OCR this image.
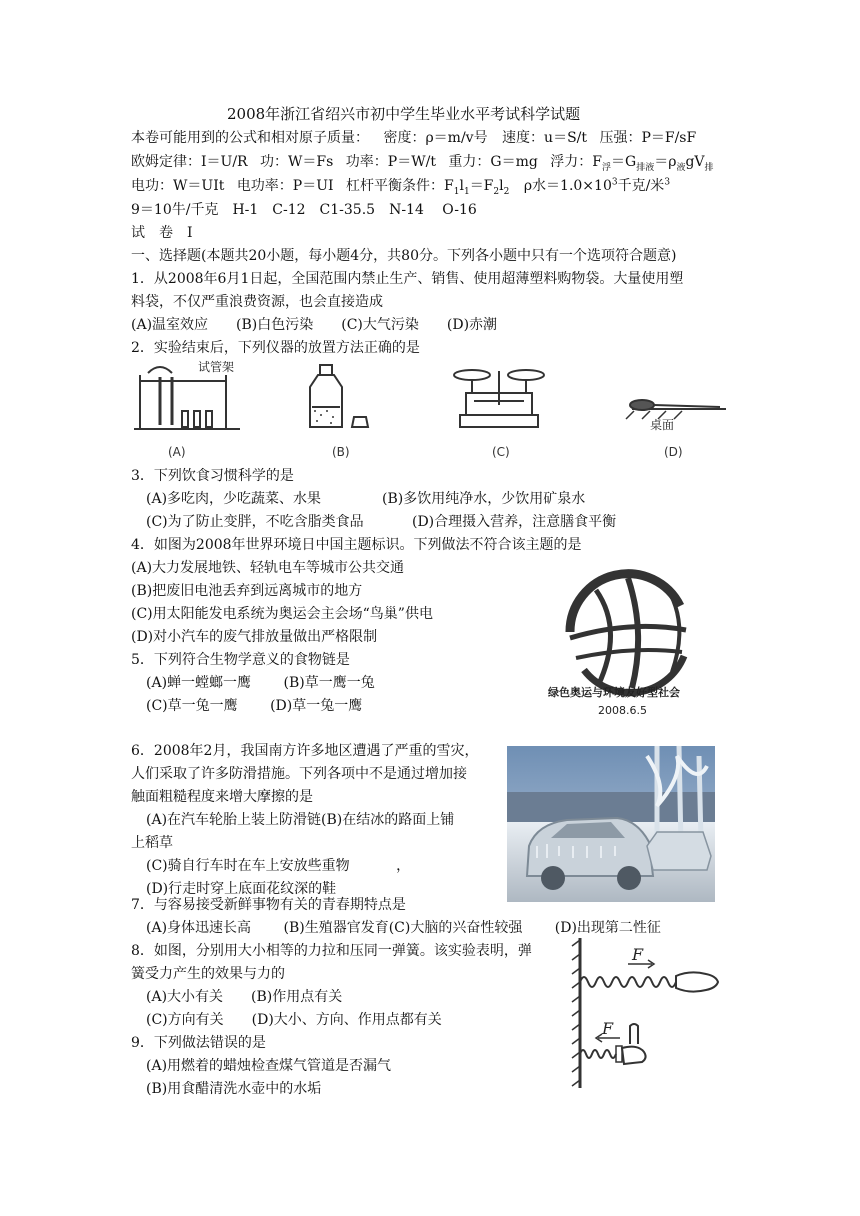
2008年浙江省绍兴市初中学生毕业水平考试科学试题
本卷可能用到的公式和相对原子质量： 密度：ρ＝m/v号 速度：u＝S/t 压强：P＝F/sF
欧姆定律：I＝U/R 功：W＝Fs 功率：P＝W/t 重力：G＝mg 浮力：$F_浮=G_{排液}=\rho_液gV_排$
电功：W＝UIt 电功率：P＝UI 杠杆平衡条件：$F_1l_1=F_2l_2$ ρ水$=1.0\times 10^3$千克/米$^3$
9＝10牛/千克　H-1　C-12　C1-35.5　N-14　 O-16
试　卷　Ⅰ
一、选择题(本题共20小题，每小题4分，共80分。下列各小题中只有一个选项符合题意)
1．从2008年6月1日起，全国范围内禁止生产、销售、使用超薄塑料购物袋。大量使用塑
料袋，不仅严重浪费资源，也会直接造成
(A)温室效应　　(B)白色污染　　(C)大气污染　　(D)赤潮
2．实验结束后，下列仪器的放置方法正确的是
试管架
桌面
(A)	(B)	(C)	(D)
3．下列饮食习惯科学的是
(A)多吃肉，少吃蔬菜、水果	(B)多饮用纯净水，少饮用矿泉水
(C)为了防止变胖，不吃含脂类食品	(D)合理摄入营养，注意膳食平衡
4．如图为2008年世界环境日中国主题标识。下列做法不符合该主题的是
(A)大力发展地铁、轻轨电车等城市公共交通
(B)把废旧电池丢弃到远离城市的地方
(C)用太阳能发电系统为奥运会主会场“鸟巢”供电
(D)对小汽车的废气排放量做出严格限制
绿色奥运与环境友好型社会
2008.6.5
5．下列符合生物学意义的食物链是
(A)蝉一螳螂一鹰　　 (B)草一鹰一兔
(C)草一兔一鹰　　 (D)草一兔一鹰
6．2008年2月，我国南方许多地区遭遇了严重的雪灾，
人们采取了许多防滑措施。下列各项中不是通过增加接
触面粗糙程度来增大摩擦的是
(A)在汽车轮胎上装上防滑链(B)在结冰的路面上铺
上稻草
(C)骑自行车时在车上安放些重物　　　 ，
(D)行走时穿上底面花纹深的鞋
7．与容易接受新鲜事物有关的青春期特点是
(A)身体迅速长高　　 (B)生殖器官发育(C)大脑的兴奋性较强　　 (D)出现第二性征
8．如图，分别用大小相等的力拉和压同一弹簧。该实验表明，弹
簧受力产生的效果与力的
(A)大小有关　　(B)作用点有关
(C)方向有关　　(D)大小、方向、作用点都有关
F
F
9．下列做法错误的是
(A)用燃着的蜡烛检查煤气管道是否漏气
(B)用食醋清洗水壶中的水垢
